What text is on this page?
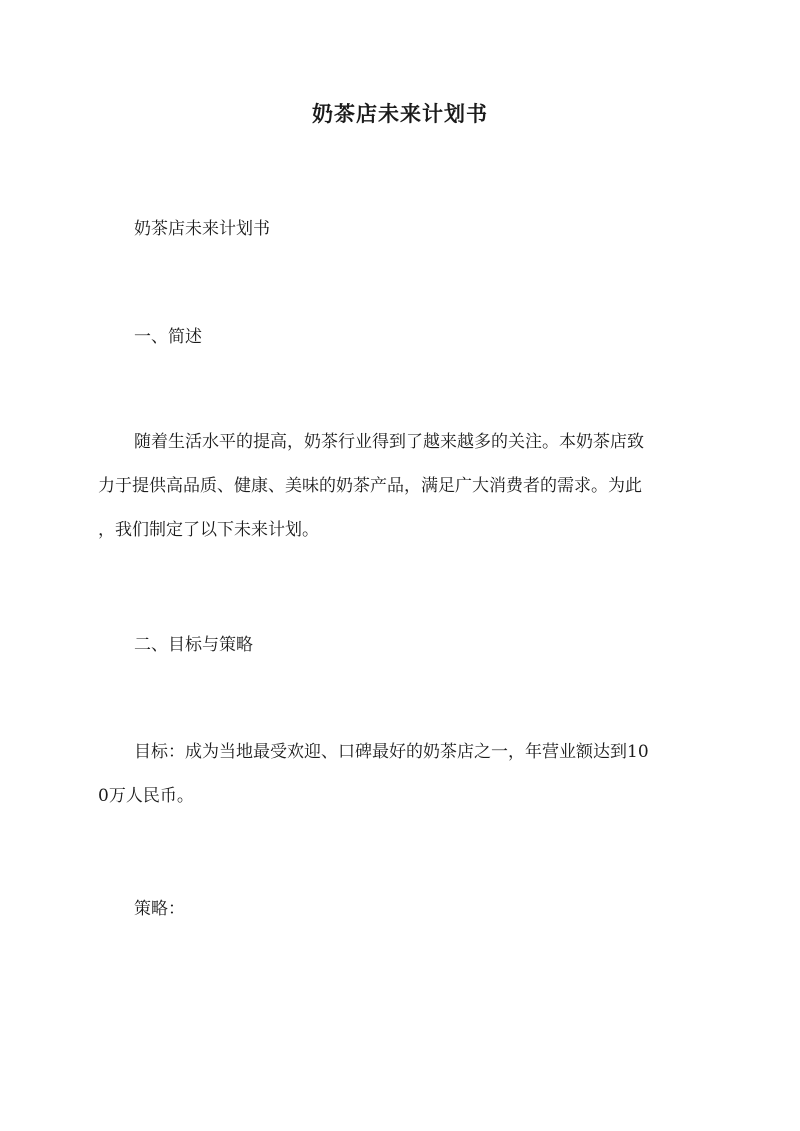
奶茶店未来计划书

奶茶店未来计划书

一、简述

随着生活水平的提高，奶茶行业得到了越来越多的关注。本奶茶店致
力于提供高品质、健康、美味的奶茶产品，满足广大消费者的需求。为此
，我们制定了以下未来计划。

二、目标与策略

目标：成为当地最受欢迎、口碑最好的奶茶店之一，年营业额达到10
0万人民币。

策略：
